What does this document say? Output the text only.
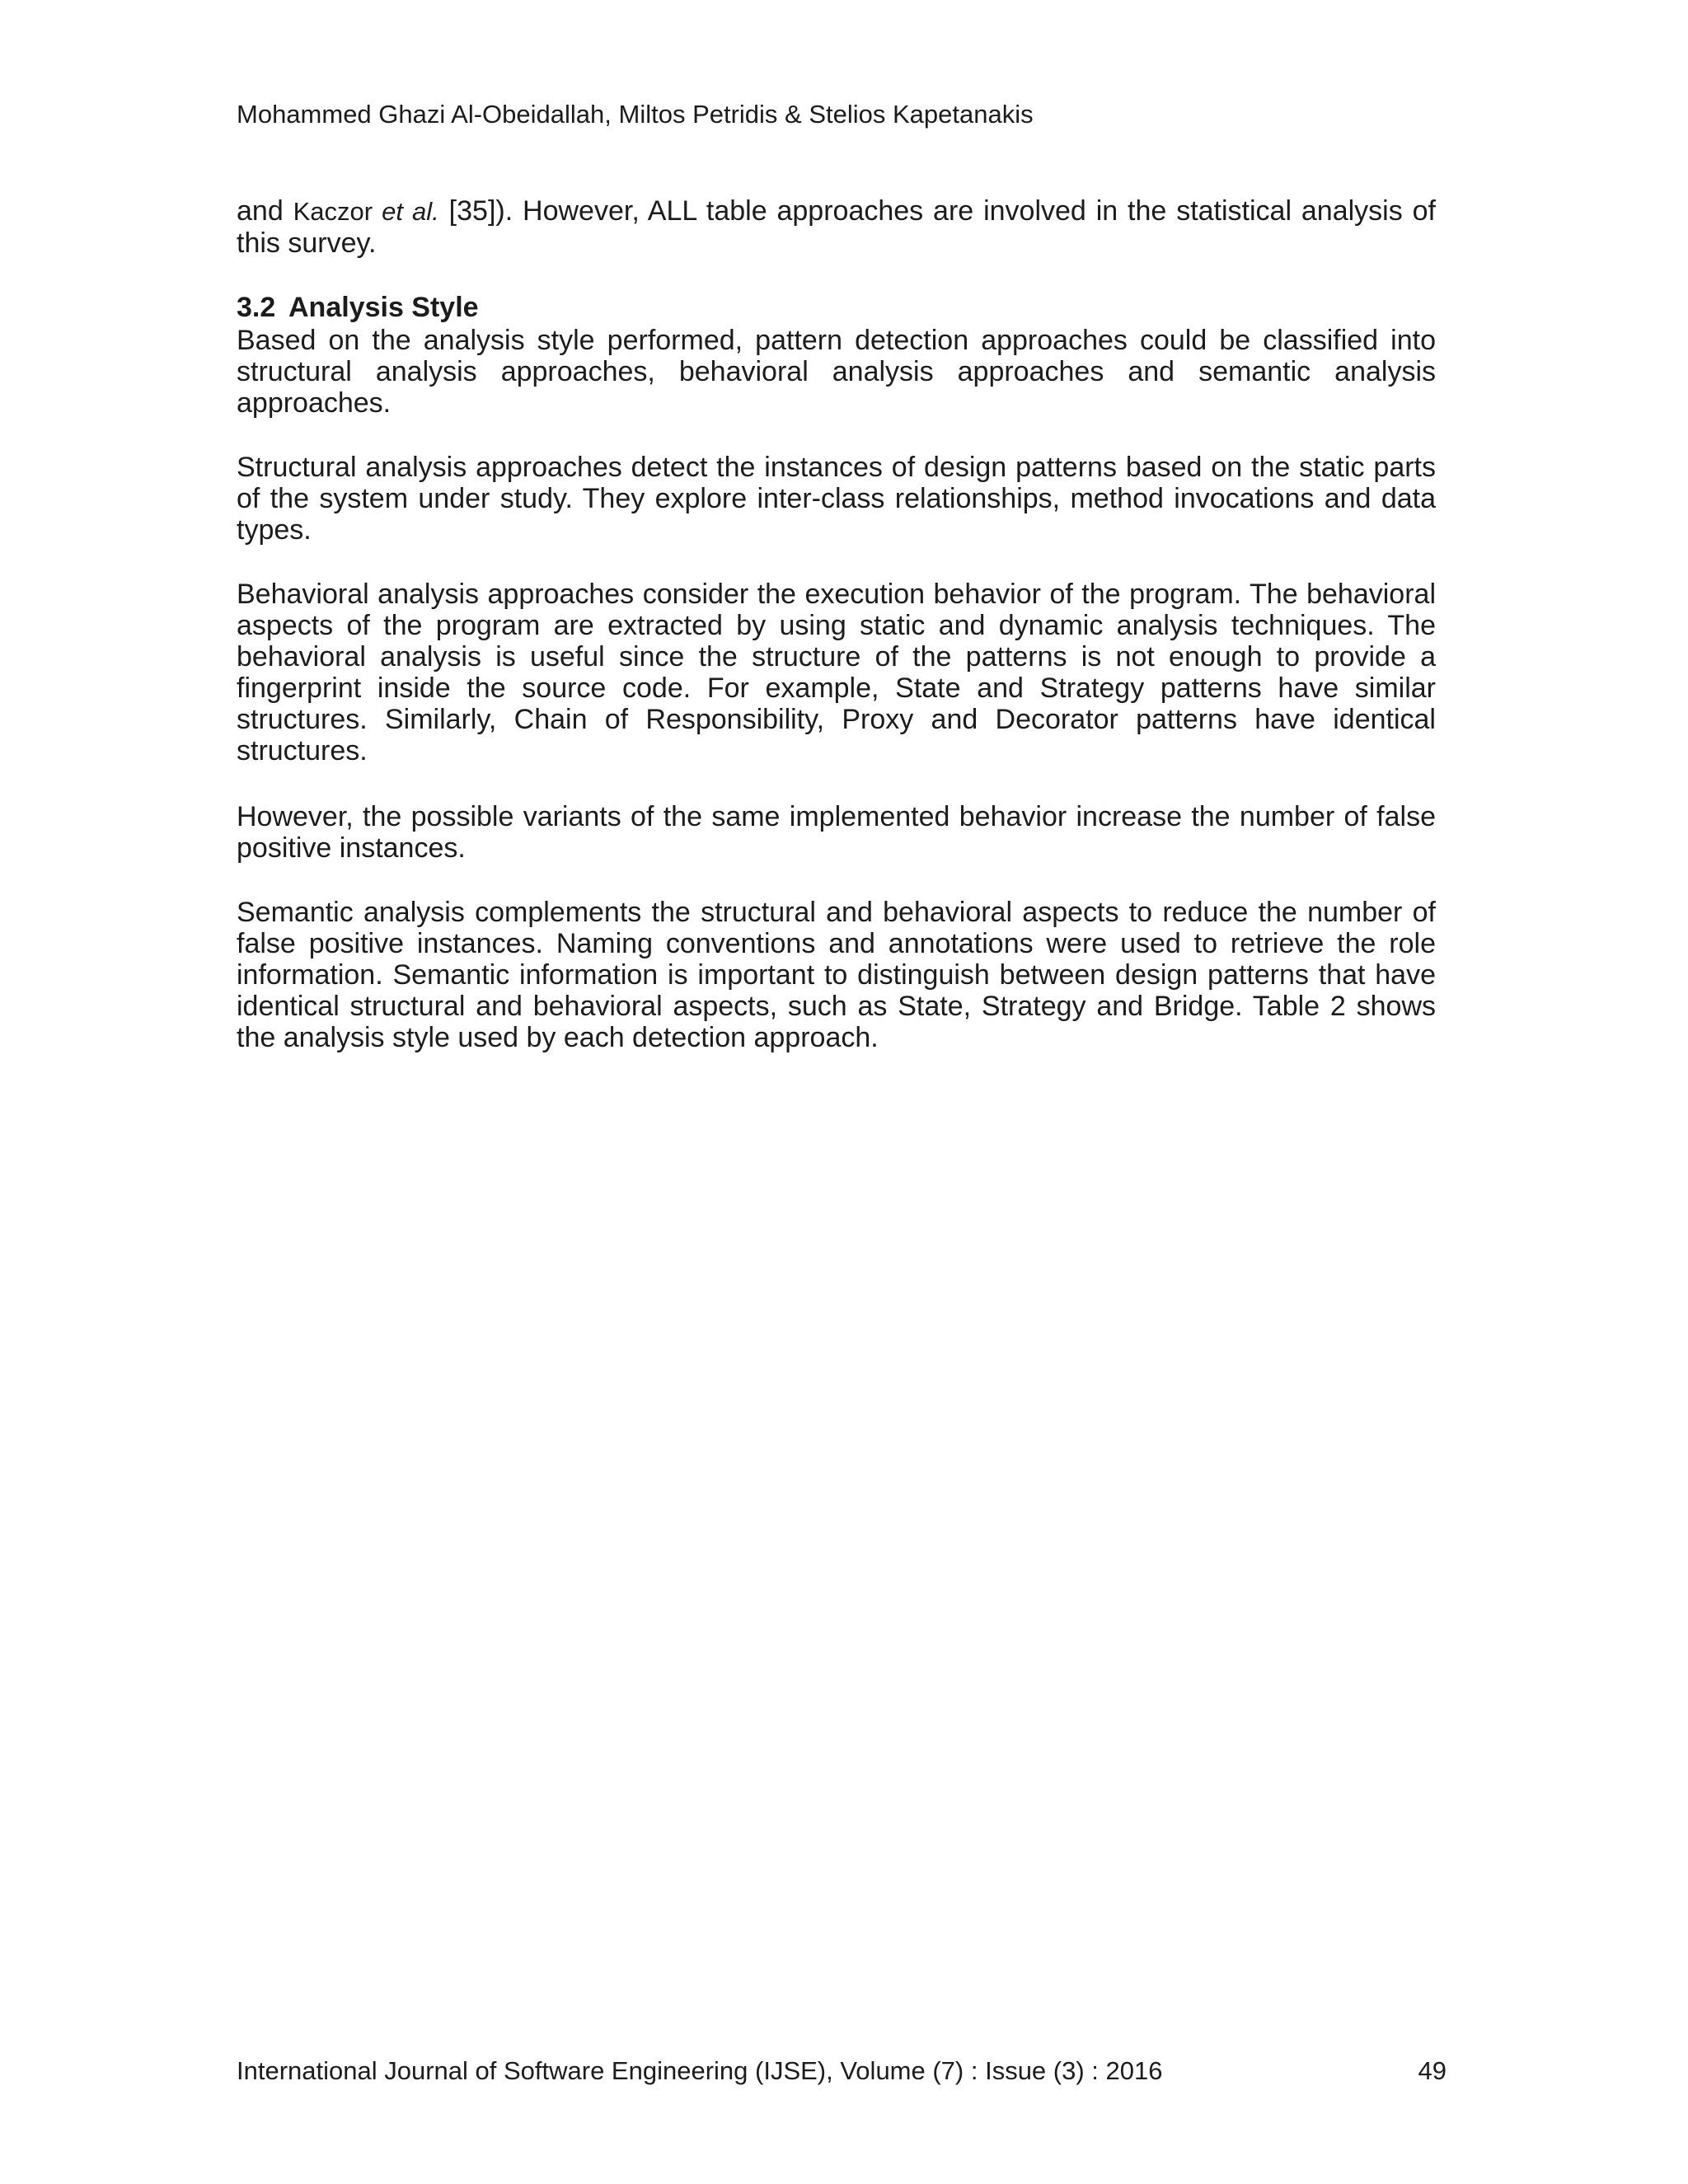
Mohammed Ghazi Al-Obeidallah, Miltos Petridis & Stelios Kapetanakis

and Kaczor et al. [35]). However, ALL table approaches are involved in the statistical analysis of this survey.

3.2 Analysis Style

Based on the analysis style performed, pattern detection approaches could be classified into structural analysis approaches, behavioral analysis approaches and semantic analysis approaches.

Structural analysis approaches detect the instances of design patterns based on the static parts of the system under study. They explore inter-class relationships, method invocations and data types.

Behavioral analysis approaches consider the execution behavior of the program. The behavioral aspects of the program are extracted by using static and dynamic analysis techniques. The behavioral analysis is useful since the structure of the patterns is not enough to provide a fingerprint inside the source code. For example, State and Strategy patterns have similar structures. Similarly, Chain of Responsibility, Proxy and Decorator patterns have identical structures.

However, the possible variants of the same implemented behavior increase the number of false positive instances.

Semantic analysis complements the structural and behavioral aspects to reduce the number of false positive instances. Naming conventions and annotations were used to retrieve the role information. Semantic information is important to distinguish between design patterns that have identical structural and behavioral aspects, such as State, Strategy and Bridge. Table 2 shows the analysis style used by each detection approach.

International Journal of Software Engineering (IJSE), Volume (7) : Issue (3) : 2016	49
